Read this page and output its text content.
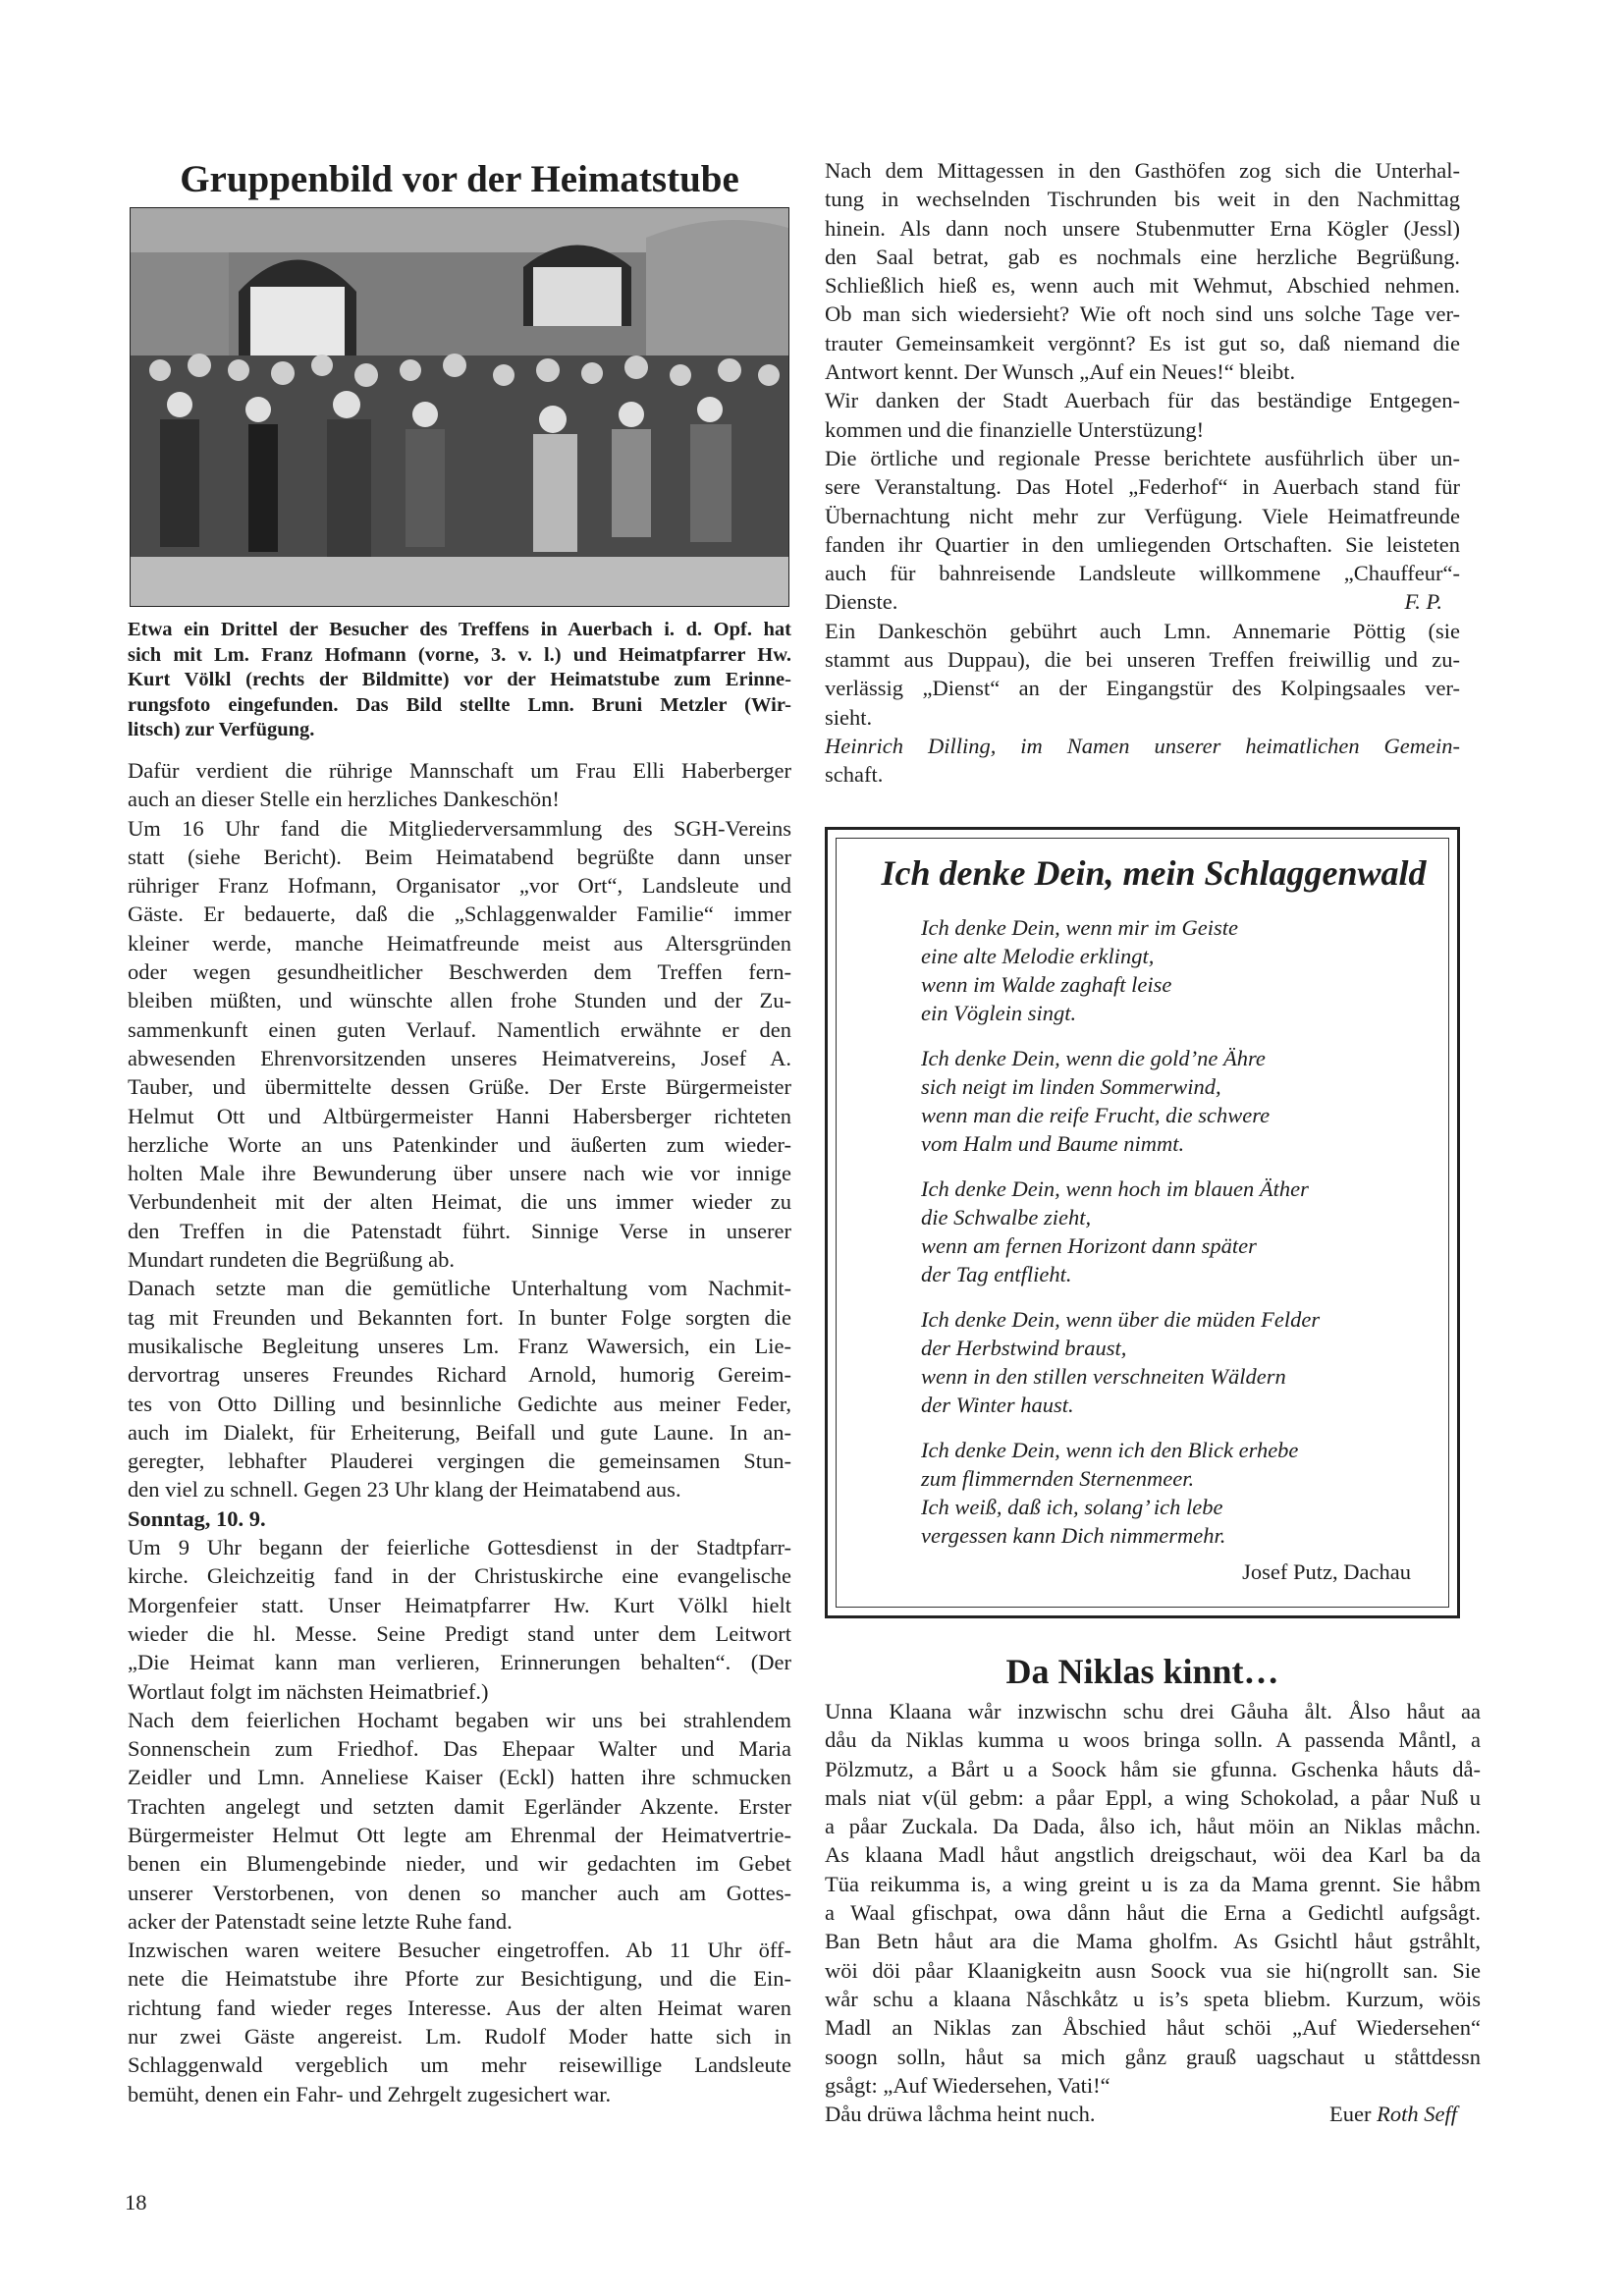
Gruppenbild vor der Heimatstube
Etwa ein Drittel der Besucher des Treffens in Auerbach i. d. Opf. hat
sich mit Lm. Franz Hofmann (vorne, 3. v. l.) und Heimatpfarrer Hw.
Kurt Völkl (rechts der Bildmitte) vor der Heimatstube zum Erinne-
rungsfoto eingefunden. Das Bild stellte Lmn. Bruni Metzler (Wir-
litsch) zur Verfügung.
Dafür verdient die rührige Mannschaft um Frau Elli Haberberger
auch an dieser Stelle ein herzliches Dankeschön!
Um 16 Uhr fand die Mitgliederversammlung des SGH-Vereins
statt (siehe Bericht). Beim Heimatabend begrüßte dann unser
rühriger Franz Hofmann, Organisator „vor Ort“, Landsleute und
Gäste. Er bedauerte, daß die „Schlaggenwalder Familie“ immer
kleiner werde, manche Heimatfreunde meist aus Altersgründen
oder wegen gesundheitlicher Beschwerden dem Treffen fern-
bleiben müßten, und wünschte allen frohe Stunden und der Zu-
sammenkunft einen guten Verlauf. Namentlich erwähnte er den
abwesenden Ehrenvorsitzenden unseres Heimatvereins, Josef A.
Tauber, und übermittelte dessen Grüße. Der Erste Bürgermeister
Helmut Ott und Altbürgermeister Hanni Habersberger richteten
herzliche Worte an uns Patenkinder und äußerten zum wieder-
holten Male ihre Bewunderung über unsere nach wie vor innige
Verbundenheit mit der alten Heimat, die uns immer wieder zu
den Treffen in die Patenstadt führt. Sinnige Verse in unserer
Mundart rundeten die Begrüßung ab.
Danach setzte man die gemütliche Unterhaltung vom Nachmit-
tag mit Freunden und Bekannten fort. In bunter Folge sorgten die
musikalische Begleitung unseres Lm. Franz Wawersich, ein Lie-
dervortrag unseres Freundes Richard Arnold, humorig Gereim-
tes von Otto Dilling und besinnliche Gedichte aus meiner Feder,
auch im Dialekt, für Erheiterung, Beifall und gute Laune. In an-
geregter, lebhafter Plauderei vergingen die gemeinsamen Stun-
den viel zu schnell. Gegen 23 Uhr klang der Heimatabend aus.
Sonntag, 10. 9.
Um 9 Uhr begann der feierliche Gottesdienst in der Stadtpfarr-
kirche. Gleichzeitig fand in der Christuskirche eine evangelische
Morgenfeier statt. Unser Heimatpfarrer Hw. Kurt Völkl hielt
wieder die hl. Messe. Seine Predigt stand unter dem Leitwort
„Die Heimat kann man verlieren, Erinnerungen behalten“. (Der
Wortlaut folgt im nächsten Heimatbrief.)
Nach dem feierlichen Hochamt begaben wir uns bei strahlendem
Sonnenschein zum Friedhof. Das Ehepaar Walter und Maria
Zeidler und Lmn. Anneliese Kaiser (Eckl) hatten ihre schmucken
Trachten angelegt und setzten damit Egerländer Akzente. Erster
Bürgermeister Helmut Ott legte am Ehrenmal der Heimatvertrie-
benen ein Blumengebinde nieder, und wir gedachten im Gebet
unserer Verstorbenen, von denen so mancher auch am Gottes-
acker der Patenstadt seine letzte Ruhe fand.
Inzwischen waren weitere Besucher eingetroffen. Ab 11 Uhr öff-
nete die Heimatstube ihre Pforte zur Besichtigung, und die Ein-
richtung fand wieder reges Interesse. Aus der alten Heimat waren
nur zwei Gäste angereist. Lm. Rudolf Moder hatte sich in
Schlaggenwald vergeblich um mehr reisewillige Landsleute
bemüht, denen ein Fahr- und Zehrgelt zugesichert war.
Nach dem Mittagessen in den Gasthöfen zog sich die Unterhal-
tung in wechselnden Tischrunden bis weit in den Nachmittag
hinein. Als dann noch unsere Stubenmutter Erna Kögler (Jessl)
den Saal betrat, gab es nochmals eine herzliche Begrüßung.
Schließlich hieß es, wenn auch mit Wehmut, Abschied nehmen.
Ob man sich wiedersieht? Wie oft noch sind uns solche Tage ver-
trauter Gemeinsamkeit vergönnt? Es ist gut so, daß niemand die
Antwort kennt. Der Wunsch „Auf ein Neues!“ bleibt.
Wir danken der Stadt Auerbach für das beständige Entgegen-
kommen und die finanzielle Unterstüzung!
Die örtliche und regionale Presse berichtete ausführlich über un-
sere Veranstaltung. Das Hotel „Federhof“ in Auerbach stand für
Übernachtung nicht mehr zur Verfügung. Viele Heimatfreunde
fanden ihr Quartier in den umliegenden Ortschaften. Sie leisteten
auch für bahnreisende Landsleute willkommene „Chauffeur“-
Dienste.	F. P.
Ein Dankeschön gebührt auch Lmn. Annemarie Pöttig (sie
stammt aus Duppau), die bei unseren Treffen freiwillig und zu-
verlässig „Dienst“ an der Eingangstür des Kolpingsaales ver-
sieht.
Heinrich Dilling, im Namen unserer heimatlichen Gemein-
schaft.
Ich denke Dein, mein Schlaggenwald
Ich denke Dein, wenn mir im Geiste
eine alte Melodie erklingt,
wenn im Walde zaghaft leise
ein Vöglein singt.
Ich denke Dein, wenn die gold’ne Ähre
sich neigt im linden Sommerwind,
wenn man die reife Frucht, die schwere
vom Halm und Baume nimmt.
Ich denke Dein, wenn hoch im blauen Äther
die Schwalbe zieht,
wenn am fernen Horizont dann später
der Tag entflieht.
Ich denke Dein, wenn über die müden Felder
der Herbstwind braust,
wenn in den stillen verschneiten Wäldern
der Winter haust.
Ich denke Dein, wenn ich den Blick erhebe
zum flimmernden Sternenmeer.
Ich weiß, daß ich, solang’ ich lebe
vergessen kann Dich nimmermehr.
Josef Putz, Dachau
Da Niklas kinnt…
Unna Klaana wår inzwischn schu drei Gåuha ålt. Ålso håut aa
dåu da Niklas kumma u woos bringa solln. A passenda Måntl, a
Pölzmutz, a Bårt u a Soock håm sie gfunna. Gschenka håuts då-
mals niat v(ül gebm: a påar Eppl, a wing Schokolad, a påar Nuß u
a påar Zuckala. Da Dada, ålso ich, håut möin an Niklas måchn.
As klaana Madl håut angstlich dreigschaut, wöi dea Karl ba da
Tüa reikumma is, a wing greint u is za da Mama grennt. Sie håbm
a Waal gfischpat, owa dånn håut die Erna a Gedichtl aufgsågt.
Ban Betn håut ara die Mama gholfm. As Gsichtl håut gstråhlt,
wöi döi påar Klaanigkeitn ausn Soock vua sie hi(ngrollt san. Sie
wår schu a klaana Nåschkåtz u is’s speta bliebm. Kurzum, wöis
Madl an Niklas zan Åbschied håut schöi „Auf Wiedersehen“
soogn solln, håut sa mich gånz grauß uagschaut u ståttdessn
gsågt: „Auf Wiedersehen, Vati!“
Dåu drüwa låchma heint nuch.	Euer Roth Seff
18
